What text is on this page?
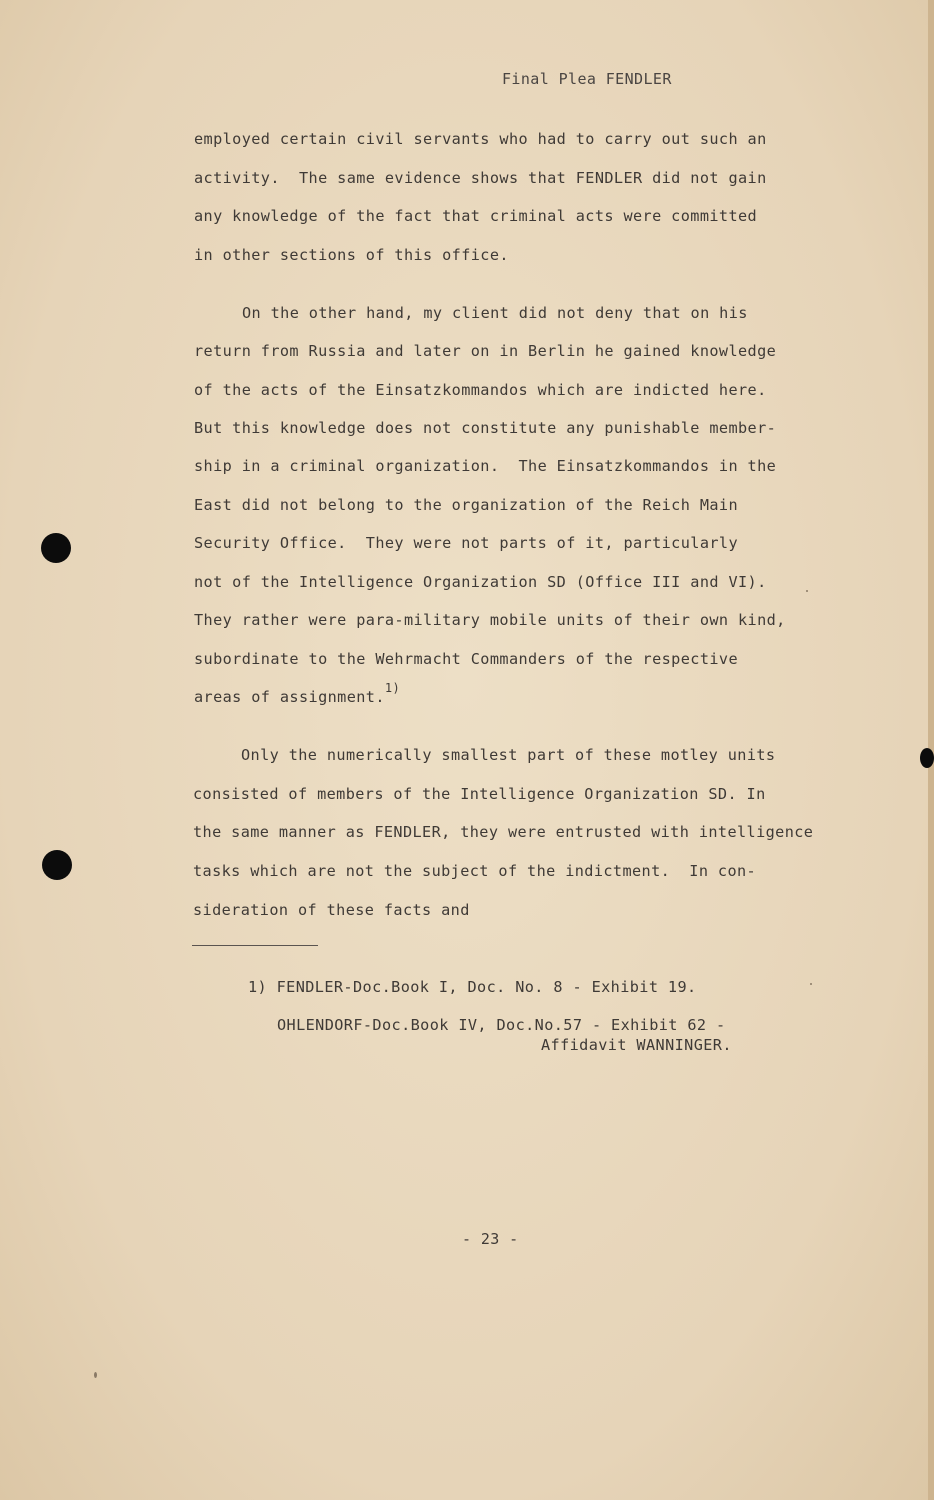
Final Plea FENDLER
employed certain civil servants who had to carry out such an
activity.  The same evidence shows that FENDLER did not gain
any knowledge of the fact that criminal acts were committed
in other sections of this office.
On the other hand, my client did not deny that on his
return from Russia and later on in Berlin he gained knowledge
of the acts of the Einsatzkommandos which are indicted here.
But this knowledge does not constitute any punishable member-
ship in a criminal organization.  The Einsatzkommandos in the
East did not belong to the organization of the Reich Main
Security Office.  They were not parts of it, particularly
not of the Intelligence Organization SD (Office III and VI).
They rather were para-military mobile units of their own kind,
subordinate to the Wehrmacht Commanders of the respective
areas of assignment.$^{1)}$
Only the numerically smallest part of these motley units
consisted of members of the Intelligence Organization SD. In
the same manner as FENDLER, they were entrusted with intelligence
tasks which are not the subject of the indictment.  In con-
sideration of these facts and
1) FENDLER-Doc.Book I, Doc. No. 8 - Exhibit 19.
OHLENDORF-Doc.Book IV, Doc.No.57 - Exhibit 62 -
Affidavit WANNINGER.
- 23 -
